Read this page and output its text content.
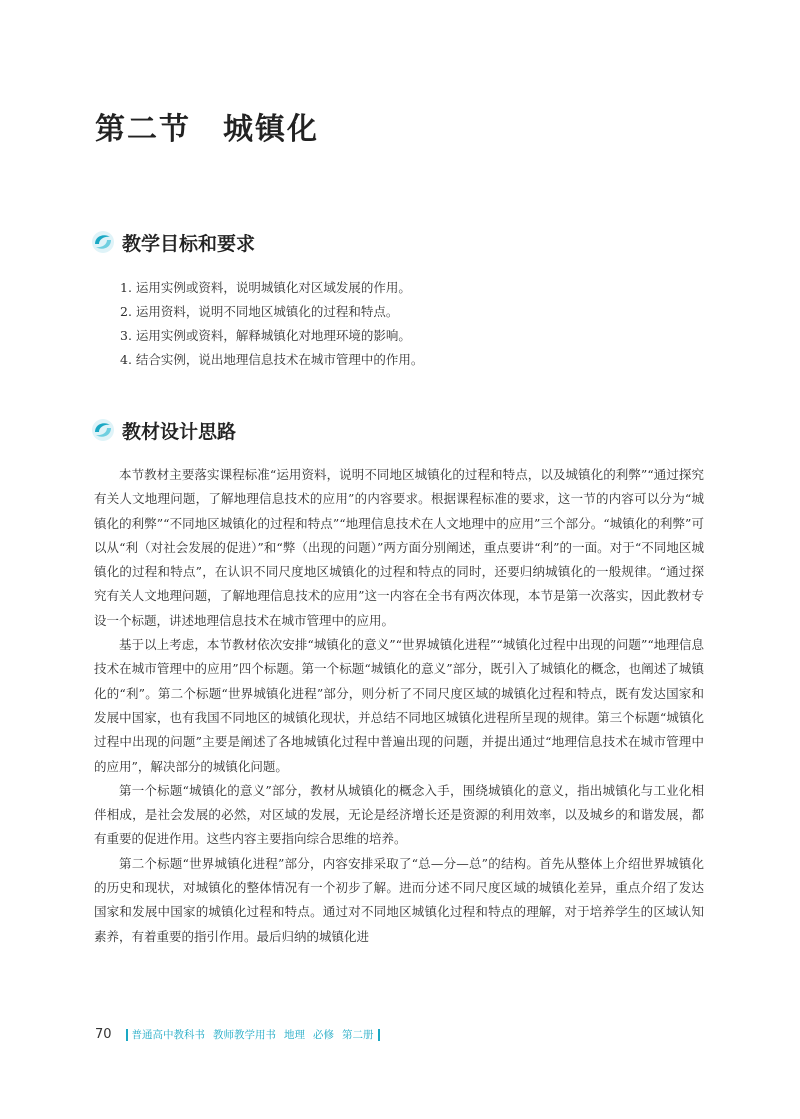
第二节　城镇化
教学目标和要求
1. 运用实例或资料，说明城镇化对区域发展的作用。
2. 运用资料，说明不同地区城镇化的过程和特点。
3. 运用实例或资料，解释城镇化对地理环境的影响。
4. 结合实例，说出地理信息技术在城市管理中的作用。
教材设计思路

本节教材主要落实课程标准“运用资料，说明不同地区城镇化的过程和特点，以及城镇化的利弊”“通过探究有关人文地理问题，了解地理信息技术的应用”的内容要求。根据课程标准的要求，这一节的内容可以分为“城镇化的利弊”“不同地区城镇化的过程和特点”“地理信息技术在人文地理中的应用”三个部分。“城镇化的利弊”可以从“利（对社会发展的促进）”和“弊（出现的问题）”两方面分别阐述，重点要讲“利”的一面。对于“不同地区城镇化的过程和特点”，在认识不同尺度地区城镇化的过程和特点的同时，还要归纳城镇化的一般规律。“通过探究有关人文地理问题，了解地理信息技术的应用”这一内容在全书有两次体现，本节是第一次落实，因此教材专设一个标题，讲述地理信息技术在城市管理中的应用。

基于以上考虑，本节教材依次安排“城镇化的意义”“世界城镇化进程”“城镇化过程中出现的问题”“地理信息技术在城市管理中的应用”四个标题。第一个标题“城镇化的意义”部分，既引入了城镇化的概念，也阐述了城镇化的“利”。第二个标题“世界城镇化进程”部分，则分析了不同尺度区域的城镇化过程和特点，既有发达国家和发展中国家，也有我国不同地区的城镇化现状，并总结不同地区城镇化进程所呈现的规律。第三个标题“城镇化过程中出现的问题”主要是阐述了各地城镇化过程中普遍出现的问题，并提出通过“地理信息技术在城市管理中的应用”，解决部分的城镇化问题。

第一个标题“城镇化的意义”部分，教材从城镇化的概念入手，围绕城镇化的意义，指出城镇化与工业化相伴相成，是社会发展的必然，对区域的发展，无论是经济增长还是资源的利用效率，以及城乡的和谐发展，都有重要的促进作用。这些内容主要指向综合思维的培养。

第二个标题“世界城镇化进程”部分，内容安排采取了“总—分—总”的结构。首先从整体上介绍世界城镇化的历史和现状，对城镇化的整体情况有一个初步了解。进而分述不同尺度区域的城镇化差异，重点介绍了发达国家和发展中国家的城镇化过程和特点。通过对不同地区城镇化过程和特点的理解，对于培养学生的区域认知素养，有着重要的指引作用。最后归纳的城镇化进

70 普通高中教科书 教师教学用书 地理 必修 第二册
